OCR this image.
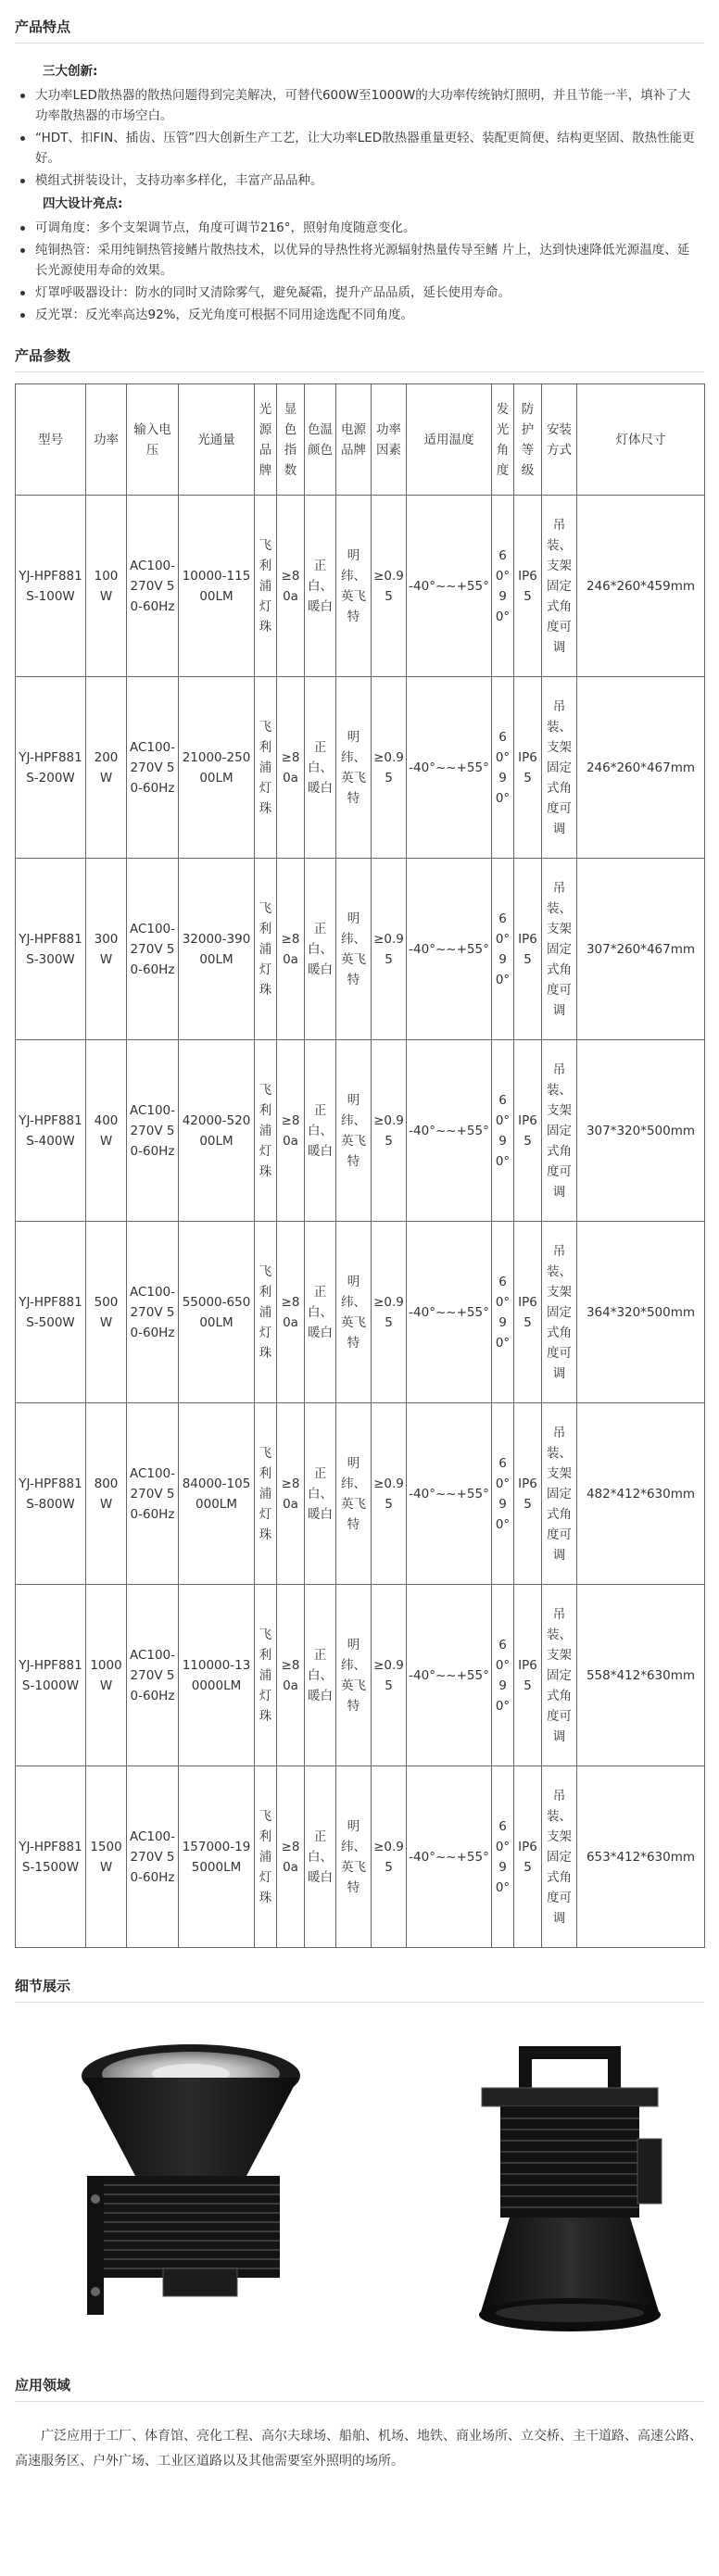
产品特点
三大创新:
大功率LED散热器的散热问题得到完美解决，可替代600W至1000W的大功率传统钠灯照明，并且节能一半，填补了大功率散热器的市场空白。
“HDT、扣FIN、插齿、压管”四大创新生产工艺，让大功率LED散热器重量更轻、装配更简便、结构更坚固、散热性能更好。
模组式拼装设计，支持功率多样化，丰富产品品种。
四大设计亮点:
可调角度：多个支架调节点，角度可调节216°，照射角度随意变化。
纯铜热管：采用纯铜热管接鳍片散热技术，以优异的导热性将光源辐射热量传导至鳍 片上，达到快速降低光源温度、延长光源使用寿命的效果。
灯罩呼吸器设计：防水的同时又清除雾气，避免凝霜，提升产品品质，延长使用寿命。
反光罩：反光率高达92%，反光角度可根据不同用途选配不同角度。
产品参数
型号	功率	输入电压	光通量	光源品牌	显色指数	色温颜色	电源品牌	功率因素	适用温度	发光角度	防护等级	安装方式	灯体尺寸
YJ-HPF881S-100W	100W	AC100-270V 50-60Hz	10000-11500LM	飞利浦灯珠	≥80a	正白、暖白	明纬、英飞特	≥0.95	-40°~~+55°	60°90°	IP65	吊装、支架固定式角度可调	246*260*459mm
YJ-HPF881S-200W	200W	AC100-270V 50-60Hz	21000-25000LM	飞利浦灯珠	≥80a	正白、暖白	明纬、英飞特	≥0.95	-40°~~+55°	60°90°	IP65	吊装、支架固定式角度可调	246*260*467mm
YJ-HPF881S-300W	300W	AC100-270V 50-60Hz	32000-39000LM	飞利浦灯珠	≥80a	正白、暖白	明纬、英飞特	≥0.95	-40°~~+55°	60°90°	IP65	吊装、支架固定式角度可调	307*260*467mm
YJ-HPF881S-400W	400W	AC100-270V 50-60Hz	42000-52000LM	飞利浦灯珠	≥80a	正白、暖白	明纬、英飞特	≥0.95	-40°~~+55°	60°90°	IP65	吊装、支架固定式角度可调	307*320*500mm
YJ-HPF881S-500W	500W	AC100-270V 50-60Hz	55000-65000LM	飞利浦灯珠	≥80a	正白、暖白	明纬、英飞特	≥0.95	-40°~~+55°	60°90°	IP65	吊装、支架固定式角度可调	364*320*500mm
YJ-HPF881S-800W	800W	AC100-270V 50-60Hz	84000-105000LM	飞利浦灯珠	≥80a	正白、暖白	明纬、英飞特	≥0.95	-40°~~+55°	60°90°	IP65	吊装、支架固定式角度可调	482*412*630mm
YJ-HPF881S-1000W	1000W	AC100-270V 50-60Hz	110000-130000LM	飞利浦灯珠	≥80a	正白、暖白	明纬、英飞特	≥0.95	-40°~~+55°	60°90°	IP65	吊装、支架固定式角度可调	558*412*630mm
YJ-HPF881S-1500W	1500W	AC100-270V 50-60Hz	157000-195000LM	飞利浦灯珠	≥80a	正白、暖白	明纬、英飞特	≥0.95	-40°~~+55°	60°90°	IP65	吊装、支架固定式角度可调	653*412*630mm
细节展示
应用领域

广泛应用于工厂、体育馆、亮化工程、高尔夫球场、船舶、机场、地铁、商业场所、立交桥、主干道路、高速公路、高速服务区、户外广场、工业区道路以及其他需要室外照明的场所。
